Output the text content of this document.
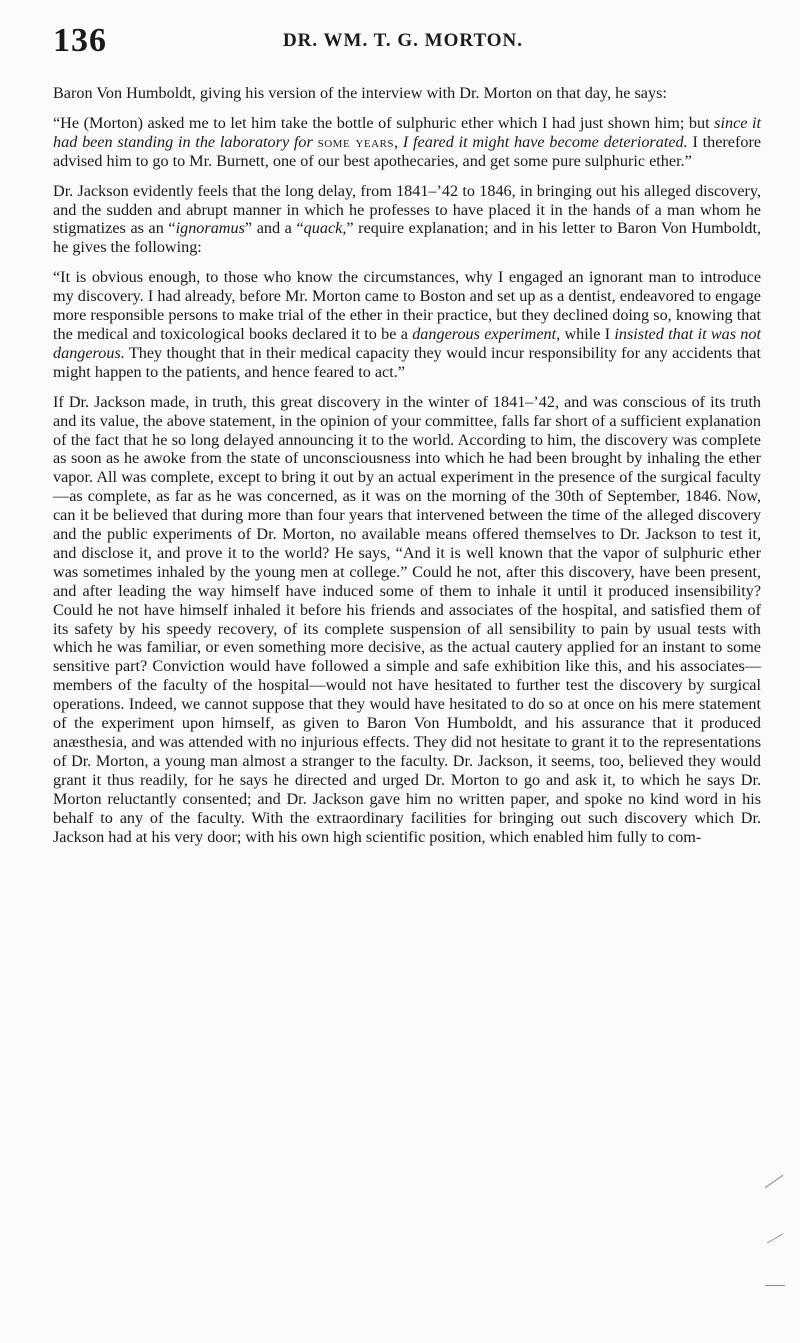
136	DR. WM. T. G. MORTON.

Baron Von Humboldt, giving his version of the interview with Dr. Morton on that day, he says:

“He (Morton) asked me to let him take the bottle of sulphuric ether which I had just shown him; but since it had been standing in the laboratory for some years, I feared it might have become deteriorated. I therefore advised him to go to Mr. Burnett, one of our best apothecaries, and get some pure sulphuric ether.”

Dr. Jackson evidently feels that the long delay, from 1841–’42 to 1846, in bringing out his alleged discovery, and the sudden and abrupt manner in which he professes to have placed it in the hands of a man whom he stigmatizes as an “ignoramus” and a “quack,” require explanation; and in his letter to Baron Von Humboldt, he gives the following:

“It is obvious enough, to those who know the circumstances, why I engaged an ignorant man to introduce my discovery. I had already, before Mr. Morton came to Boston and set up as a dentist, endeavored to engage more responsible persons to make trial of the ether in their practice, but they declined doing so, knowing that the medical and toxicological books declared it to be a dangerous experiment, while I insisted that it was not dangerous. They thought that in their medical capacity they would incur responsibility for any accidents that might happen to the patients, and hence feared to act.”

If Dr. Jackson made, in truth, this great discovery in the winter of 1841–’42, and was conscious of its truth and its value, the above statement, in the opinion of your committee, falls far short of a sufficient explanation of the fact that he so long delayed announcing it to the world. According to him, the discovery was complete as soon as he awoke from the state of unconsciousness into which he had been brought by inhaling the ether vapor. All was complete, except to bring it out by an actual experiment in the presence of the surgical faculty—as complete, as far as he was concerned, as it was on the morning of the 30th of September, 1846. Now, can it be believed that during more than four years that intervened between the time of the alleged discovery and the public experiments of Dr. Morton, no available means offered themselves to Dr. Jackson to test it, and disclose it, and prove it to the world? He says, “And it is well known that the vapor of sulphuric ether was sometimes inhaled by the young men at college.” Could he not, after this discovery, have been present, and after leading the way himself have induced some of them to inhale it until it produced insensibility? Could he not have himself inhaled it before his friends and associates of the hospital, and satisfied them of its safety by his speedy recovery, of its complete suspension of all sensibility to pain by usual tests with which he was familiar, or even something more decisive, as the actual cautery applied for an instant to some sensitive part? Conviction would have followed a simple and safe exhibition like this, and his associates—members of the faculty of the hospital—would not have hesitated to further test the discovery by surgical operations. Indeed, we cannot suppose that they would have hesitated to do so at once on his mere statement of the experiment upon himself, as given to Baron Von Humboldt, and his assurance that it produced anæsthesia, and was attended with no injurious effects. They did not hesitate to grant it to the representations of Dr. Morton, a young man almost a stranger to the faculty. Dr. Jackson, it seems, too, believed they would grant it thus readily, for he says he directed and urged Dr. Morton to go and ask it, to which he says Dr. Morton reluctantly consented; and Dr. Jackson gave him no written paper, and spoke no kind word in his behalf to any of the faculty. With the extraordinary facilities for bringing out such discovery which Dr. Jackson had at his very door; with his own high scientific position, which enabled him fully to com-
